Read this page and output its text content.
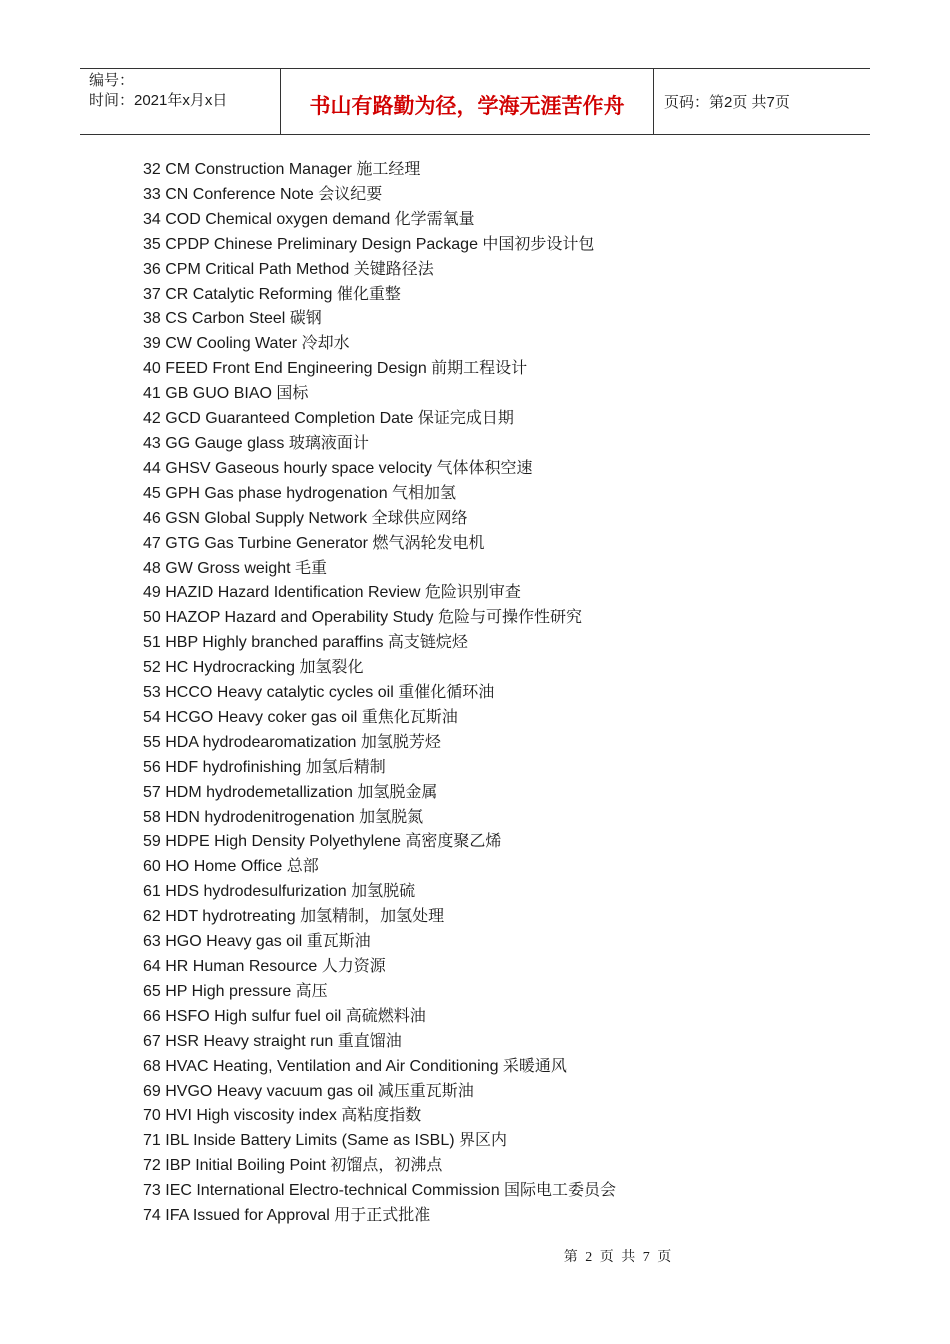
编号：
时间：2021年x月x日	书山有路勤为径，学海无涯苦作舟	页码：第2页 共7页
32 CM Construction Manager 施工经理
33 CN Conference Note 会议纪要
34 COD Chemical oxygen demand 化学需氧量
35 CPDP Chinese Preliminary Design Package 中国初步设计包
36 CPM Critical Path Method 关键路径法
37 CR Catalytic Reforming 催化重整
38 CS Carbon Steel 碳钢
39 CW Cooling Water 冷却水
40 FEED Front End Engineering Design 前期工程设计
41 GB GUO BIAO 国标
42 GCD Guaranteed Completion Date 保证完成日期
43 GG Gauge glass 玻璃液面计
44 GHSV Gaseous hourly space velocity 气体体积空速
45 GPH Gas phase hydrogenation 气相加氢
46 GSN Global Supply Network 全球供应网络
47 GTG Gas Turbine Generator 燃气涡轮发电机
48 GW Gross weight 毛重
49 HAZID Hazard Identification Review 危险识别审查
50 HAZOP Hazard and Operability Study 危险与可操作性研究
51 HBP Highly branched paraffins 高支链烷烃
52 HC Hydrocracking 加氢裂化
53 HCCO Heavy catalytic cycles oil 重催化循环油
54 HCGO Heavy coker gas oil 重焦化瓦斯油
55 HDA hydrodearomatization 加氢脱芳烃
56 HDF hydrofinishing 加氢后精制
57 HDM hydrodemetallization 加氢脱金属
58 HDN hydrodenitrogenation 加氢脱氮
59 HDPE High Density Polyethylene 高密度聚乙烯
60 HO Home Office 总部
61 HDS hydrodesulfurization 加氢脱硫
62 HDT hydrotreating 加氢精制，加氢处理
63 HGO Heavy gas oil 重瓦斯油
64 HR Human Resource 人力资源
65 HP High pressure 高压
66 HSFO High sulfur fuel oil 高硫燃料油
67 HSR Heavy straight run 重直馏油
68 HVAC Heating, Ventilation and Air Conditioning 采暖通风
69 HVGO Heavy vacuum gas oil 减压重瓦斯油
70 HVI High viscosity index 高粘度指数
71 IBL Inside Battery Limits (Same as ISBL) 界区内
72 IBP Initial Boiling Point 初馏点，初沸点
73 IEC International Electro-technical Commission 国际电工委员会
74 IFA Issued for Approval 用于正式批准
第 2 页 共 7 页
